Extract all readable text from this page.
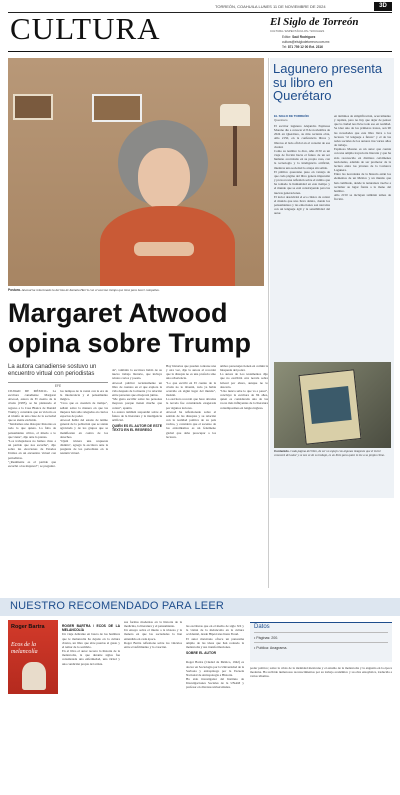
TORREÓN, COAHUILA LUNES 11 DE NOVIEMBRE DE 2024	3D
CULTURA	El Siglo de Torreón
CULTURA / ESPECTÁCULOS / SOCIALES
Editor: Saúl Rodríguez
cultura@elsiglodetorreon.com.mx
Tel: 871 759 12 00 Ext. 2316
Postura. Atwood ha relacionado la derrota de Kamala Harris con el ascenso tiempo que tiene para hacer campañas.
Lagunero presenta su libro en Querétaro
EL SIGLO DE TORREÓN
Querétaro
El escritor lagunero Alejandro Espinosa Moreno dio a conocer el 8 de noviembre de 2024 en Querétaro, su más reciente obra, Año 2150, en la conferencia libros y libreros al lado oficial en el corazón de esa ciudad.
Como su nombre lo dice, Año 2150 es un viaje de ficción hacia el futuro de un ser humano acorralado en su propia casa, con la tecnología y la inteligencia artificial, mientras una sociedad lo atrapa sin salida.
El público queretano puso en ventaja de que cada página del libro genera impresión y provoca una reflexión sobre el rumbo que ha tomado la humanidad en este tiempo y el mundo que se está construyendo para las nuevas generaciones.
El lector descubrirá el eco clásico de contar el mundo que uno lleva dentro, donde los pensamientos y las emociones son narradas con un lenguaje ágil y la sensibilidad del autor.
en términos de simplificación, acercamiento y rapidez, pero no hay que dejar de pensar que la ciudad nos lleve todo eso en realidad. Se ideó uno de los primeros trazos, son 90 las novedades que este libro lleva a los lectores "el lenguaje a futuro" y el de las redes sociales de los autores tras varios años de trabajo.
Espinosa Moreno es un autor que cuenta con una amplia trayectoria literaria y que ha sido reconocido en distintos certámenes nacionales, además de ser promotor de la lectura entre los jóvenes de la Comarca Lagunera.
Entre las novedades de la historia están los elementos de un México y un mundo que han cambiado, donde la naturaleza vuelve a reclamar su lugar frente a la mano del hombre.
Año 2150 se incluyen también temas de ficción.
Contenido. Cada página del libro, de ser un espejo con algunas imágenes que el lector conocerá del autor y se nos ve de su trabajo, es un libro para quien lo lee a su propio ritmo.
Margaret Atwood opina sobre Trump
La autora canadiense sostuvo un encuentro virtual con periodistas
EFE
CIUDAD DE MÉXICO.- La escritora canadiense Margaret Atwood, autora de El cuento de la criada (1985), se ha planteado el regreso a la Casa Blanca de Donald Trump y considera que su victoria es el triunfo de una clase de la sociedad que se siente excluida.
"Tendremos una distopía: historias es todo lo que quiero. La falta de pensamiento crítico, el miedo a lo que viene", dijo ante la prensa.
"Los trabajadores no hemos visto a un partido que nos escuche", dijo sobre las elecciones de Estados Unidos en un encuentro virtual con periodistas.
"¿Realmente es el partido que escuchó a las mujeres?", se preguntó.
los tiempos de la razón con la era de la intolerancia y el pensamiento mágico.
"Creo que es cuestión de tiempo", señaló sobre la manera en que las mujeres han sido relegadas en ciertos espacios de poder.
Atwood habló del estado de ánimo general de la población que se siente agraviada y de los grupos que se manifiestan en contra de los derechos.
"Ojalá tuviera una respuesta distinta", agregó la escritora ante la pregunta de los periodistas en la reunión virtual.

da", también la escritora habló de su nuevo trabajo literario, que incluye relatos cortos y poesía.
Atwood publicó recientemente un libro de cuentos en el que explora la vida después de la muerte y la relación entre personas que envejecen juntas.
"Me gusta escribir sobre las personas mayores porque tienen mucho que contar", apuntó.
La autora también respondió sobre el futuro de la literatura y la inteligencia artificial.

QUIÉN ES EL AUTOR DE ESTE TEXTO EN EL REGRESO

Hay historias que pueden contarse una y otra vez, dijo la autora al recordar que la distopía no es una profecía sino una advertencia.
"Lo que escribí en El cuento de la criada no lo inventé, todo ya había ocurrido en algún lugar del mundo", insistió.
La escritora recordó que hace décadas la novela fue considerada exagerada por algunos lectores.
Atwood ha reflexionado sobre el sentido de las distopías y su relación con la realidad política de su país vecino, y consideró que el ascenso de los extremismos es un fenómeno global que debe preocupar a los lectores.
ambos personajes tienen en común la búsqueda del poder.
La autora de Los testamentos dijo que no escribirá otra novela sobre Gilead por ahora, aunque no lo descarta.
"Uno nunca sabe lo que va a pasar", concluyó la escritora de 84 años, quien es considerada una de las voces más influyentes de la literatura contemporánea en lengua inglesa.
NUESTRO RECOMENDADO PARA LEER
Roger Bartra
Ecos de la melancolía

ROGER BARTRA / ECOS DE LA MELANCOLÍA
Un viaje delirante en busca de los hombres que le melancolía ha dejado en la cultura clásica, un libro que abre puertas al gusto y el temor de lo sombrío.
En el libro el autor recorre la historia de la melancolía, la que durante siglos fue considerada una enfermedad, una virtud y una condición propia del artista.

sus formas modernas en la historia de la medicina, la literatura y el pensamiento.
Un ensayo sobre el miedo a la tristeza y la manera en que las sociedades la han entendido en cada época.
Roger Bartra reflexiona sobre los vínculos entre el sufrimiento y la creación.

las escrituras que en el medio de siglo XX y la visión de la melancolía en la cultura occidental, desde Hipócrates hasta Freud.
El autor mexicano ofrece un panorama amplio de las ideas que han rodeado la melancolía y sus transformaciones.

SOBRE EL AUTOR

Roger Bartra (Ciudad de México, 1942) es doctor en Sociología por la Universidad de la Sorbona y antropólogo por la Escuela Nacional de Antropología e Historia.
Ha sido investigador del Instituto de Investigaciones Sociales de la UNAM y profesor en diversas universidades.

Datos
• Páginas: 200.
• Publica: Anagrama.
poder político; sobre la crisis de la identidad mexicana y el estudio de la melancolía y la angustia en la época moderna. Ha recibido numerosos reconocimientos por su trabajo académico y su obra ensayística, traducida a varios idiomas.
